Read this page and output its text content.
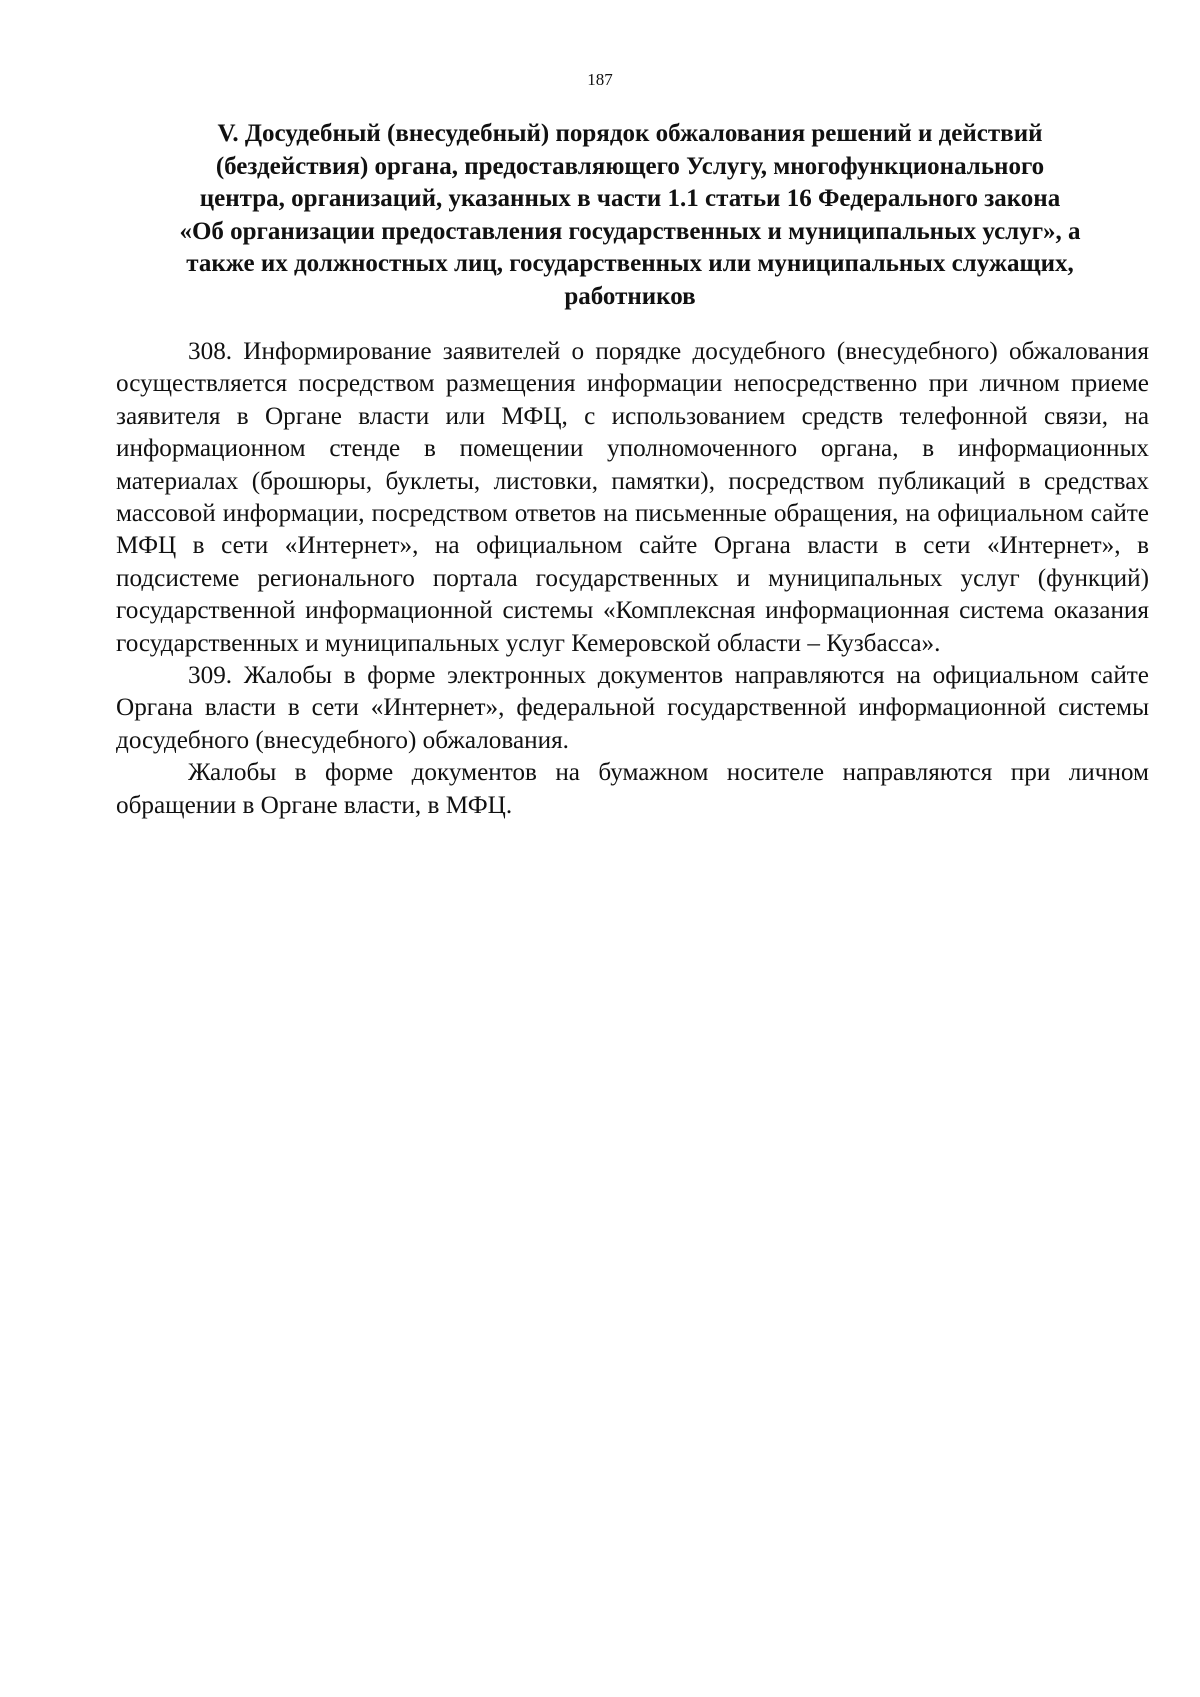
187
V. Досудебный (внесудебный) порядок обжалования решений и действий
(бездействия) органа, предоставляющего Услугу, многофункционального
центра, организаций, указанных в части 1.1 статьи 16 Федерального закона
«Об организации предоставления государственных и муниципальных услуг», а
также их должностных лиц, государственных или муниципальных служащих,
работников

308. Информирование заявителей о порядке досудебного (внесудебного) обжалования осуществляется посредством размещения информации непосредственно при личном приеме заявителя в Органе власти или МФЦ, с использованием средств телефонной связи, на информационном стенде в помещении уполномоченного органа, в информационных материалах (брошюры, буклеты, листовки, памятки), посредством публикаций в средствах массовой информации, посредством ответов на письменные обращения, на официальном сайте МФЦ в сети «Интернет», на официальном сайте Органа власти в сети «Интернет», в подсистеме регионального портала государственных и муниципальных услуг (функций) государственной информационной системы «Комплексная информационная система оказания государственных и муниципальных услуг Кемеровской области – Кузбасса».

309. Жалобы в форме электронных документов направляются на официальном сайте Органа власти в сети «Интернет», федеральной государственной информационной системы досудебного (внесудебного) обжалования.

Жалобы в форме документов на бумажном носителе направляются при личном обращении в Органе власти, в МФЦ.
